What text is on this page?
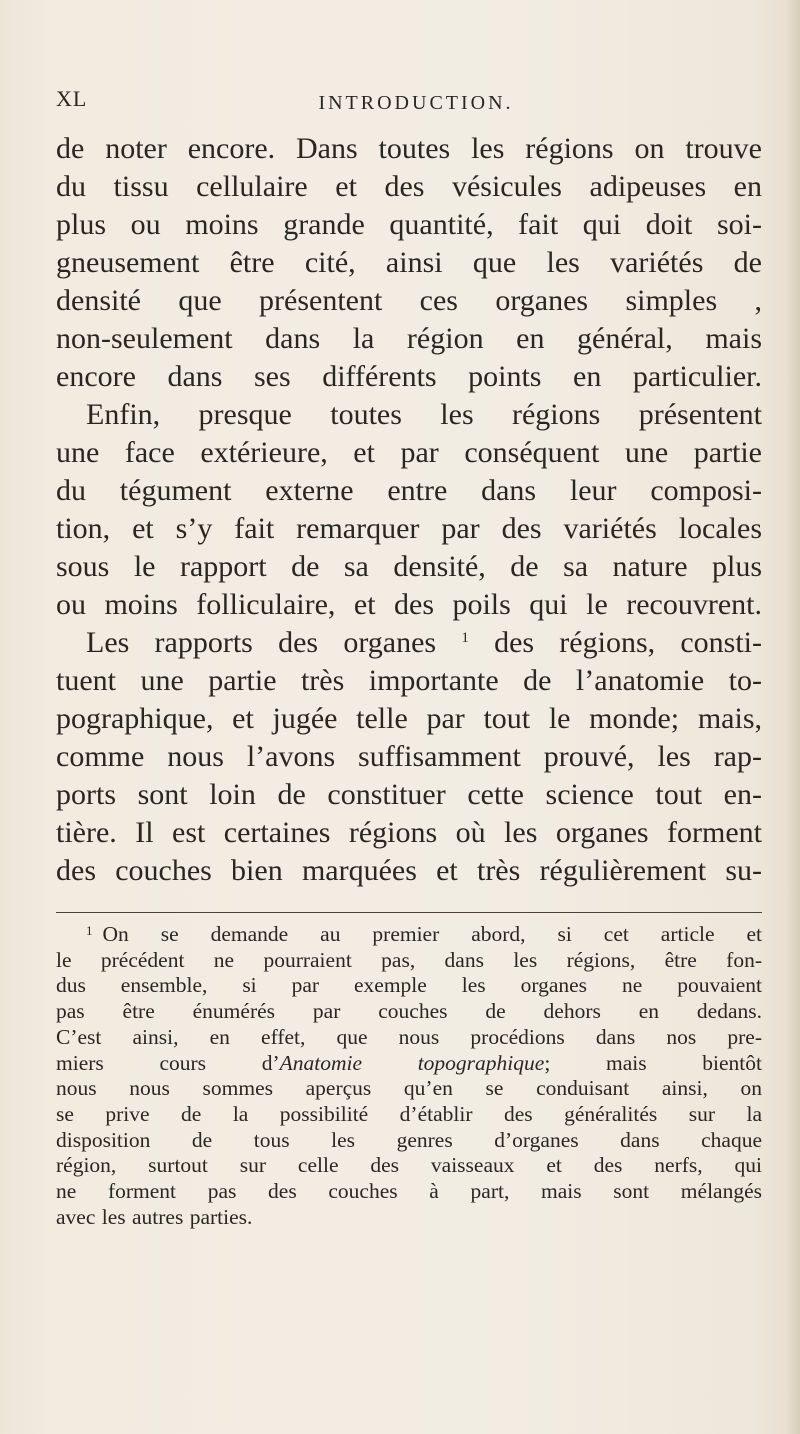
XL	INTRODUCTION.
de noter encore. Dans toutes les régions on trouve
du tissu cellulaire et des vésicules adipeuses en
plus ou moins grande quantité, fait qui doit soi-
gneusement être cité, ainsi que les variétés de
densité que présentent ces organes simples ,
non-seulement dans la région en général, mais
encore dans ses différents points en particulier.
Enfin, presque toutes les régions présentent
une face extérieure, et par conséquent une partie
du tégument externe entre dans leur composi-
tion, et s’y fait remarquer par des variétés locales
sous le rapport de sa densité, de sa nature plus
ou moins folliculaire, et des poils qui le recouvrent.
Les rapports des organes $^1$ des régions, consti-
tuent une partie très importante de l’anatomie to-
pographique, et jugée telle par tout le monde; mais,
comme nous l’avons suffisamment prouvé, les rap-
ports sont loin de constituer cette science tout en-
tière. Il est certaines régions où les organes forment
des couches bien marquées et très régulièrement su-
$^1$ On se demande au premier abord, si cet article et
le précédent ne pourraient pas, dans les régions, être fon-
dus ensemble, si par exemple les organes ne pouvaient
pas être énumérés par couches de dehors en dedans.
C’est ainsi, en effet, que nous procédions dans nos pre-
miers cours d’Anatomie topographique; mais bientôt
nous nous sommes aperçus qu’en se conduisant ainsi, on
se prive de la possibilité d’établir des généralités sur la
disposition de tous les genres d’organes dans chaque
région, surtout sur celle des vaisseaux et des nerfs, qui
ne forment pas des couches à part, mais sont mélangés
avec les autres parties.
